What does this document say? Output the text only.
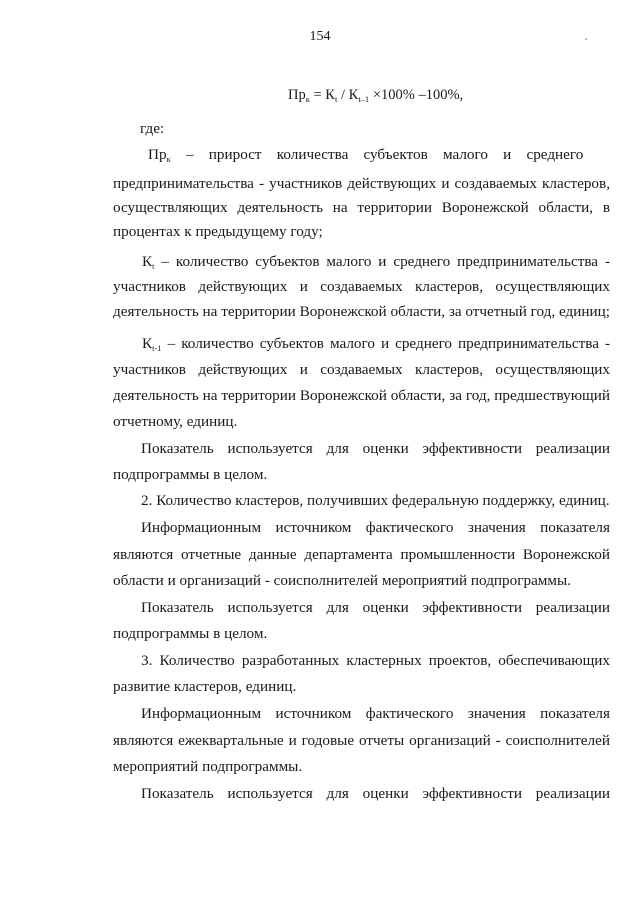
154
$Пр_к = К_t / К_{t-1} \times 100\%$ –100%,
где:
$Пр_к$	–    прирост    количества    субъектов    малого    и    среднего
предпринимательства - участников действующих и создаваемых кластеров,
осуществляющих деятельность на территории Воронежской области, в
процентах к предыдущему году;
$К_t$ – количество субъектов малого и среднего предпринимательства -
участников действующих и создаваемых кластеров, осуществляющих
деятельность на территории Воронежской области, за отчетный год, единиц;
$К_{t-1}$ – количество субъектов малого и среднего предпринимательства -
участников действующих и создаваемых кластеров, осуществляющих
деятельность на территории Воронежской области, за год, предшествующий
отчетному, единиц.
Показатель используется для оценки эффективности реализации
подпрограммы в целом.
2. Количество кластеров, получивших федеральную поддержку, единиц.
Информационным источником фактического значения показателя
являются отчетные данные департамента промышленности Воронежской
области и организаций - соисполнителей мероприятий подпрограммы.
Показатель используется для оценки эффективности реализации
подпрограммы в целом.
3. Количество разработанных кластерных проектов, обеспечивающих
развитие кластеров, единиц.
Информационным источником фактического значения показателя
являются ежеквартальные и годовые отчеты организаций - соисполнителей
мероприятий подпрограммы.
Показатель используется для оценки эффективности реализации
